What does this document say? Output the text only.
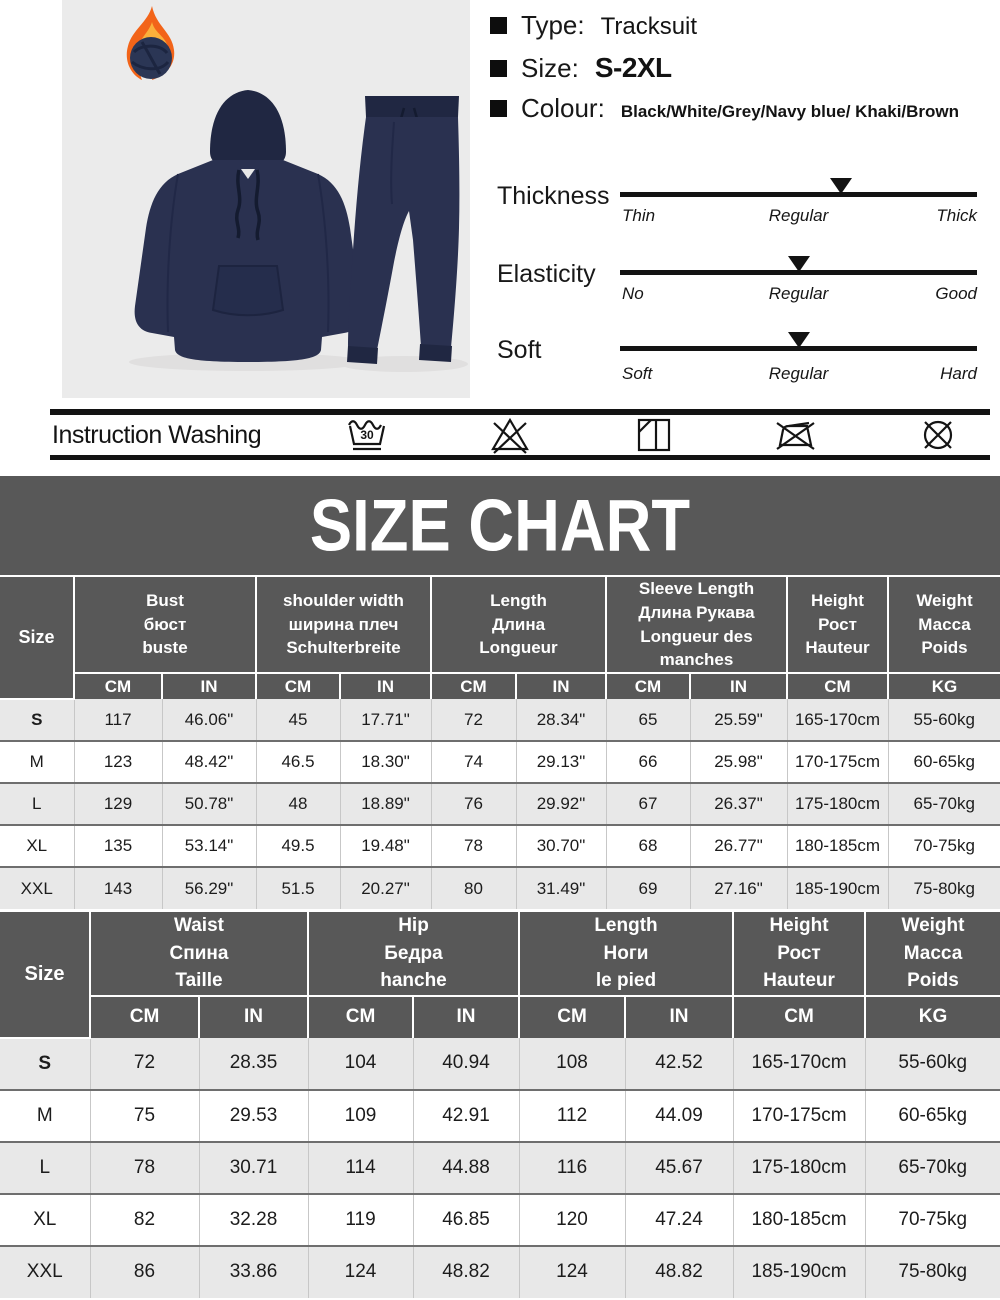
Type: Tracksuit
Size: S-2XL
Colour: Black/White/Grey/Navy blue/ Khaki/Brown
Thickness
Thin	Regular	Thick
Elasticity
No	Regular	Good
Soft
Soft	Regular	Hard
Instruction Washing	30
SIZE CHART
Size	Bust
бюст
buste		shoulder width
ширина плеч
Schulterbreite		Length
Длина
Longueur		Sleeve Length
Длина Рукава
Longueur des
manches		Height
Рост
Hauteur	Weight
Масса
Poids
	CM	IN	CM	IN	CM	IN	CM	IN	CM	KG
S	117	46.06"	45	17.71"	72	28.34"	65	25.59"	165-170cm	55-60kg
M	123	48.42"	46.5	18.30"	74	29.13"	66	25.98"	170-175cm	60-65kg
L	129	50.78"	48	18.89"	76	29.92"	67	26.37"	175-180cm	65-70kg
XL	135	53.14"	49.5	19.48"	78	30.70"	68	26.77"	180-185cm	70-75kg
XXL	143	56.29"	51.5	20.27"	80	31.49"	69	27.16"	185-190cm	75-80kg
Size	Waist
Спина
Taille		Hip
Бедра
hanche		Length
Ноги
le pied		Height
Рост
Hauteur	Weight
Масса
Poids
	CM	IN	CM	IN	CM	IN	CM	KG
S	72	28.35	104	40.94	108	42.52	165-170cm	55-60kg
M	75	29.53	109	42.91	112	44.09	170-175cm	60-65kg
L	78	30.71	114	44.88	116	45.67	175-180cm	65-70kg
XL	82	32.28	119	46.85	120	47.24	180-185cm	70-75kg
XXL	86	33.86	124	48.82	124	48.82	185-190cm	75-80kg
